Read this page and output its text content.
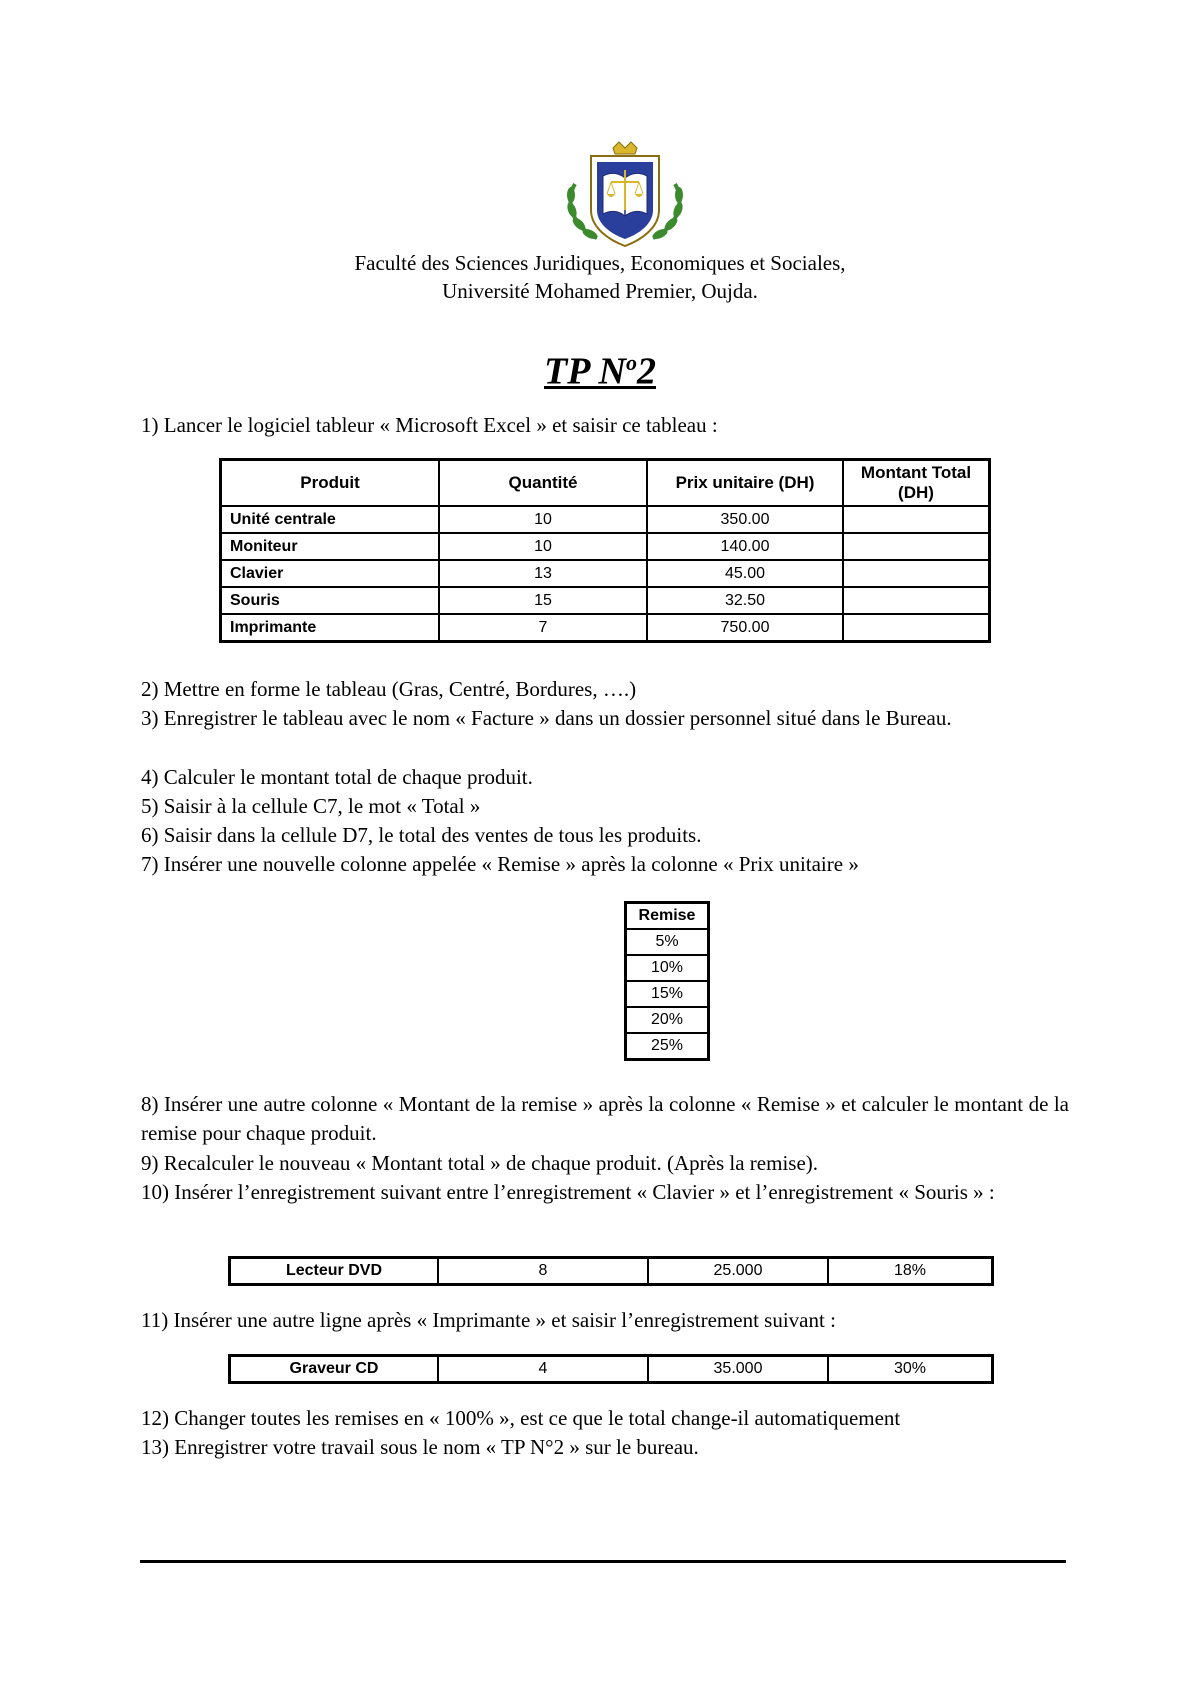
Faculté des Sciences Juridiques, Economiques et Sociales,
Université Mohamed Premier, Oujda.
TP $N^o2$
1) Lancer le logiciel tableur « Microsoft Excel » et saisir ce tableau :
Produit	Quantité	Prix unitaire (DH)	Montant Total (DH)
Unité centrale	10	350.00	
Moniteur	10	140.00	
Clavier	13	45.00	
Souris	15	32.50	
Imprimante	7	750.00	
2) Mettre en forme le tableau (Gras, Centré, Bordures, ….)
3) Enregistrer le tableau avec le nom « Facture » dans un dossier personnel situé dans le Bureau.
4) Calculer le montant total de chaque produit.
5) Saisir à la cellule C7, le mot « Total »
6) Saisir dans la cellule D7, le total des ventes de tous les produits.
7) Insérer une nouvelle colonne appelée « Remise » après la colonne « Prix unitaire »
Remise
5%
10%
15%
20%
25%
8) Insérer une autre colonne « Montant de la remise » après la colonne « Remise » et calculer le montant de la remise pour chaque produit.
9) Recalculer le nouveau « Montant total » de chaque produit. (Après la remise).
10) Insérer l’enregistrement suivant entre l’enregistrement « Clavier » et l’enregistrement « Souris » :
Lecteur DVD	8	25.000	18%
11) Insérer une autre ligne après « Imprimante » et saisir l’enregistrement suivant :
Graveur CD	4	35.000	30%
12) Changer toutes les remises en « 100% », est ce que le total change-il automatiquement
13) Enregistrer votre travail sous le nom « TP N°2 » sur le bureau.
